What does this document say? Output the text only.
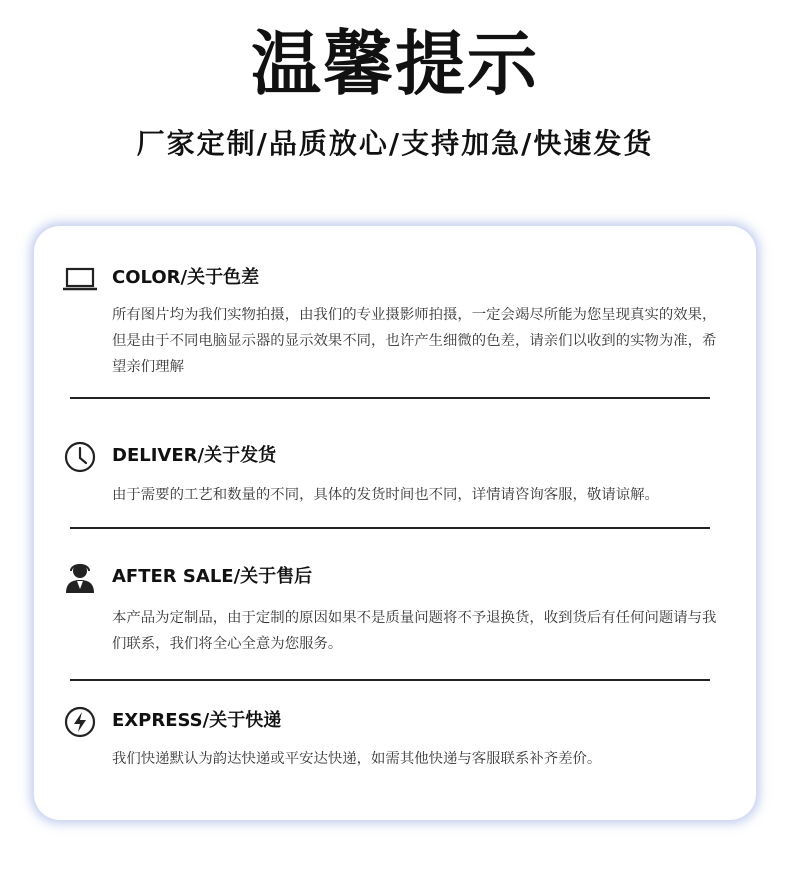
温馨提示
厂家定制/品质放心/支持加急/快速发货
COLOR/关于色差
所有图片均为我们实物拍摄，由我们的专业摄影师拍摄，一定会竭尽所能为您呈现真实的效果，但是由于不同电脑显示器的显示效果不同，也许产生细微的色差，请亲们以收到的实物为准，希望亲们理解
DELIVER/关于发货
由于需要的工艺和数量的不同，具体的发货时间也不同，详情请咨询客服，敬请谅解。
AFTER SALE/关于售后
本产品为定制品，由于定制的原因如果不是质量问题将不予退换货，收到货后有任何问题请与我们联系，我们将全心全意为您服务。
EXPRESS/关于快递
我们快递默认为韵达快递或平安达快递，如需其他快递与客服联系补齐差价。
